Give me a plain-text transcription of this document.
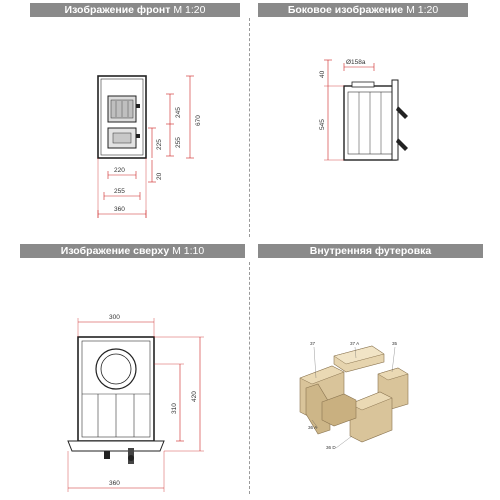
Изображение фронт M 1:20	Боковое изображение M 1:20
Изображение сверху M 1:10	Внутренняя футеровка
670
245
255
225
20
220
255
360
Ø158a
40
545
300
310
420
360
37	37 A	35
36 A
36 D
